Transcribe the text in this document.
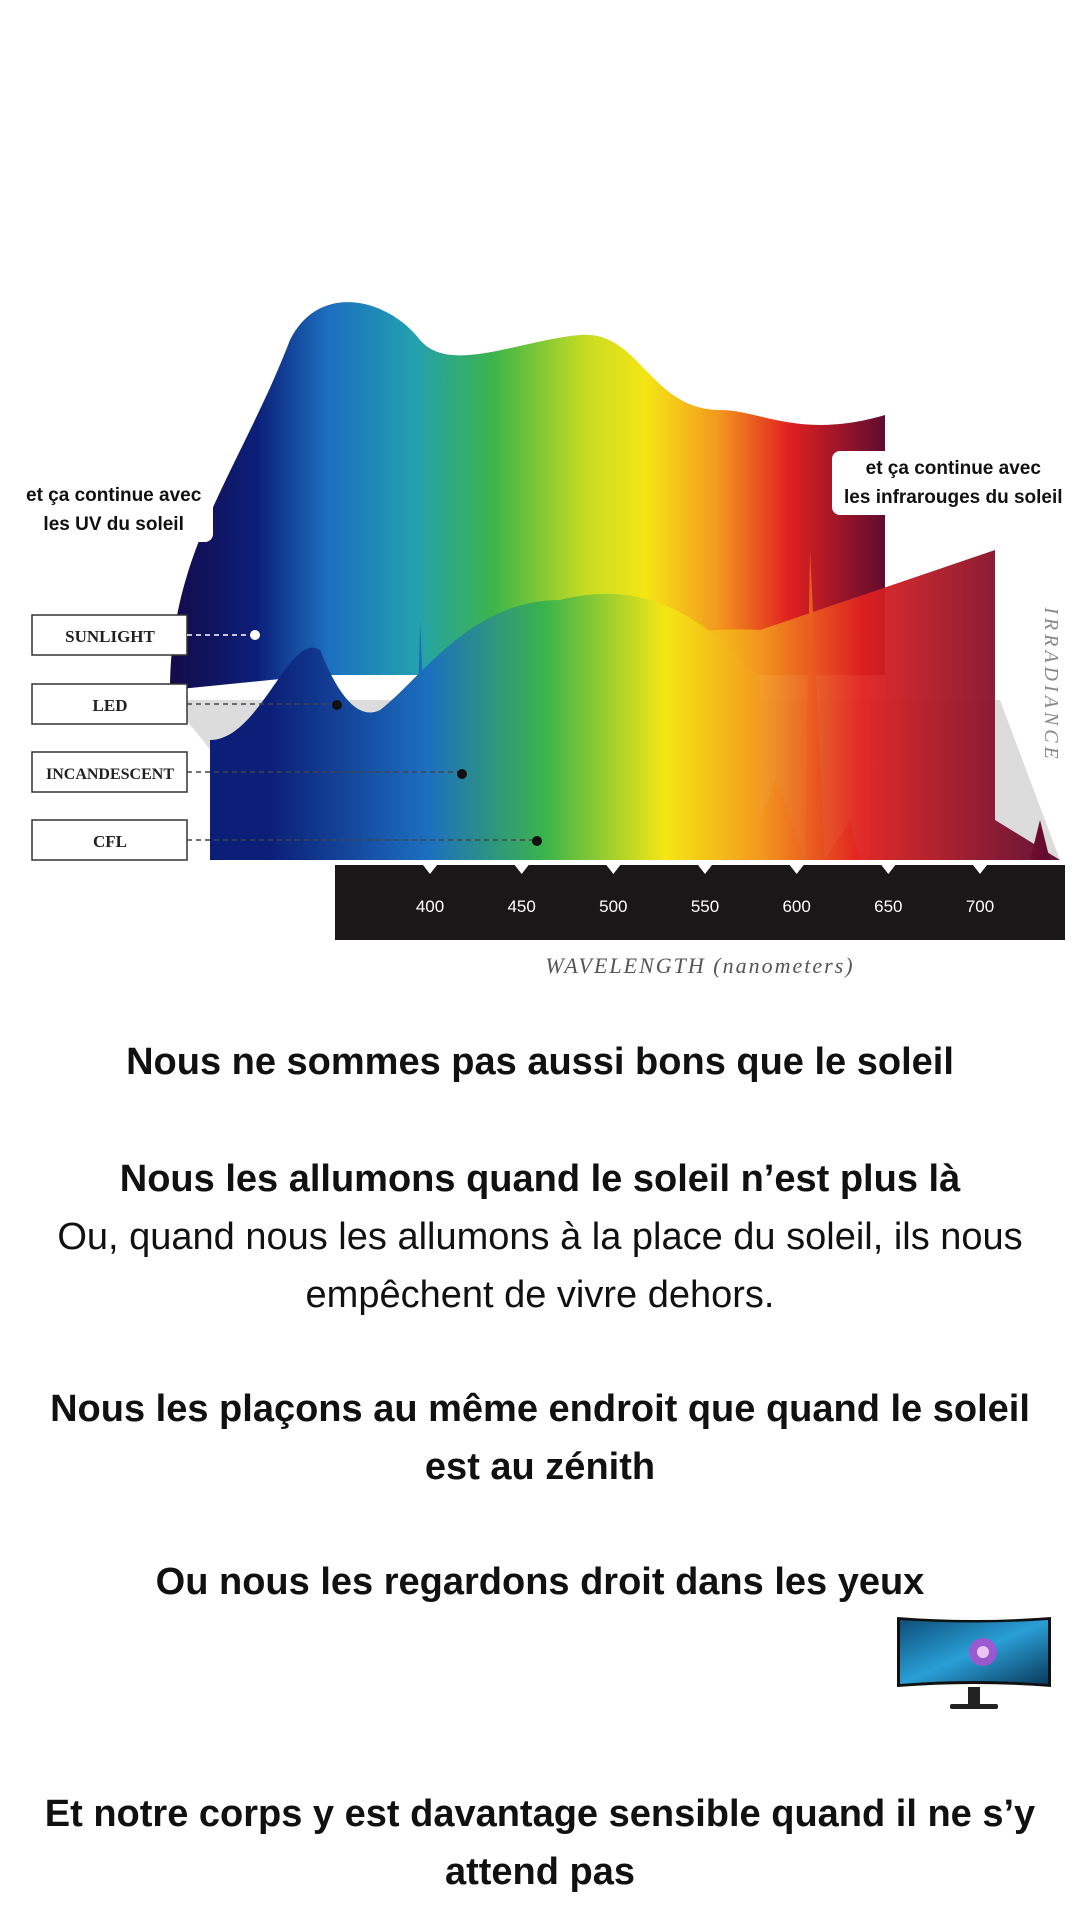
400	450	500	550	600	650	700
WAVELENGTH (nanometers)
IRRADIANCE
SUNLIGHT
LED
INCANDESCENT
CFL
et ça continue avec
les UV du soleil
et ça continue avec
les infrarouges du soleil
Nous ne sommes pas aussi bons que le soleil
Nous les allumons quand le soleil n’est plus là
Ou, quand nous les allumons à la place du soleil, ils nous empêchent de vivre dehors.
Nous les plaçons au même endroit que quand le soleil est au zénith
Ou nous les regardons droit dans les yeux
Et notre corps y est davantage sensible quand il ne s’y attend pas
